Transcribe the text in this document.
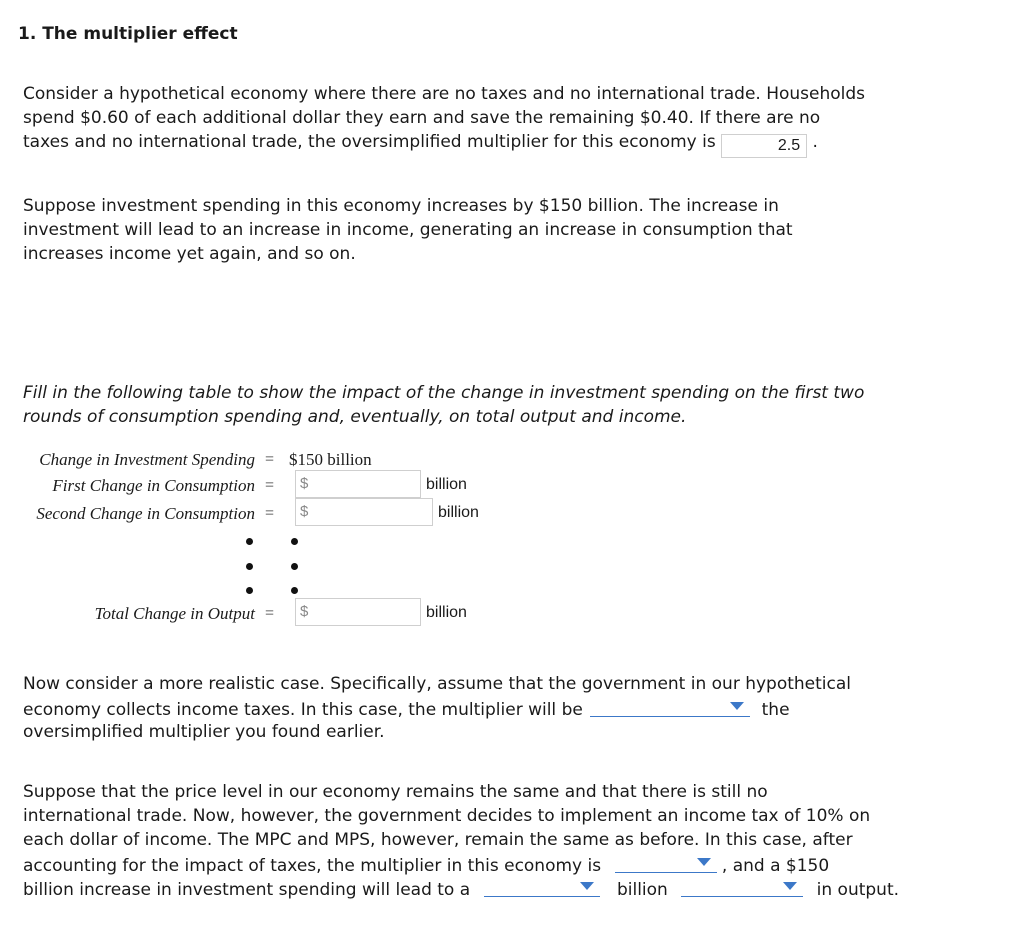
1. The multiplier effect
Consider a hypothetical economy where there are no taxes and no international trade. Households
spend $0.60 of each additional dollar they earn and save the remaining $0.40. If there are no
taxes and no international trade, the oversimplified multiplier for this economy is	2.5 .
Suppose investment spending in this economy increases by $150 billion. The increase in
investment will lead to an increase in income, generating an increase in consumption that
increases income yet again, and so on.
Fill in the following table to show the impact of the change in investment spending on the first two
rounds of consumption spending and, eventually, on total output and income.
Change in Investment Spending = $150 billion
First Change in Consumption =	$	billion
Second Change in Consumption =	$	billion
Total Change in Output =	$	billion
Now consider a more realistic case. Specifically, assume that the government in our hypothetical
economy collects income taxes. In this case, the multiplier will be	the
oversimplified multiplier you found earlier.
Suppose that the price level in our economy remains the same and that there is still no
international trade. Now, however, the government decides to implement an income tax of 10% on
each dollar of income. The MPC and MPS, however, remain the same as before. In this case, after
accounting for the impact of taxes, the multiplier in this economy is	, and a $150
billion increase in investment spending will lead to a	billion	in output.
